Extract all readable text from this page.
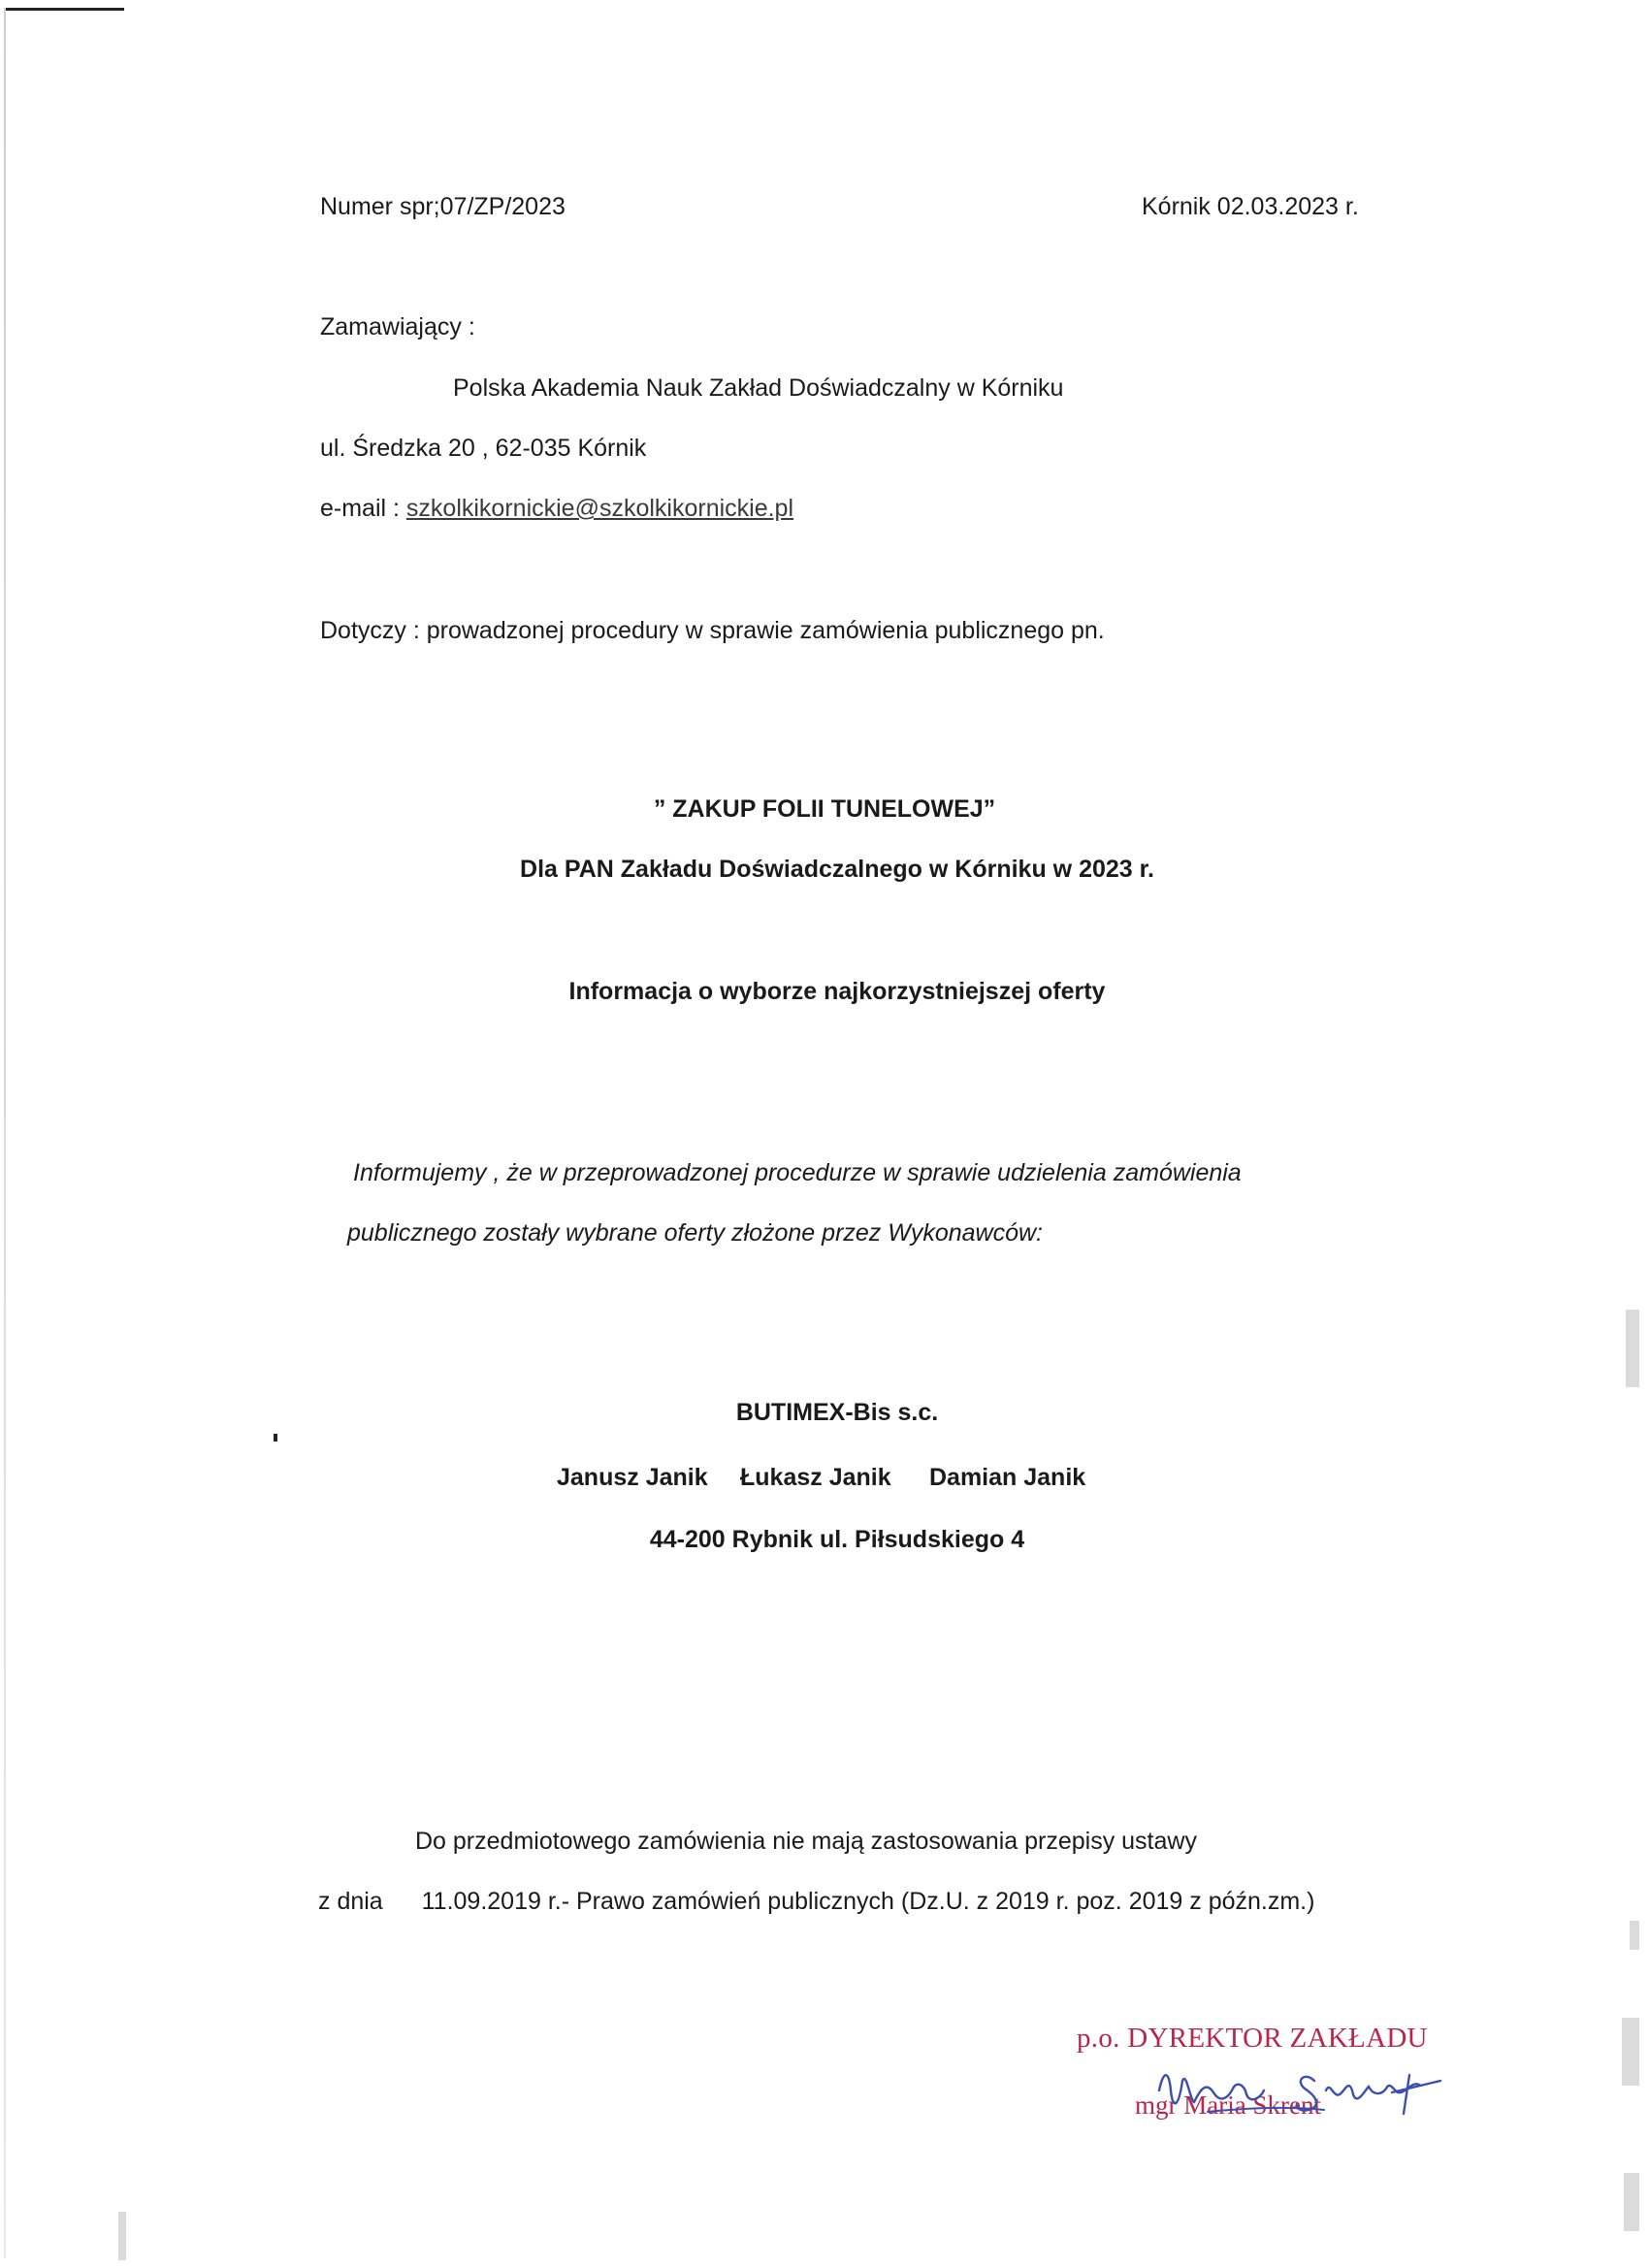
Numer spr;07/ZP/2023	Kórnik 02.03.2023 r.
Zamawiający :
Polska Akademia Nauk Zakład Doświadczalny w Kórniku
ul. Średzka 20 , 62-035 Kórnik
e-mail : szkolkikornickie@szkolkikornickie.pl
Dotyczy : prowadzonej procedury w sprawie zamówienia publicznego pn.
” ZAKUP FOLII TUNELOWEJ”
Dla PAN Zakładu Doświadczalnego w Kórniku w 2023 r.
Informacja o wyborze najkorzystniejszej oferty
Informujemy , że w przeprowadzonej procedurze w sprawie udzielenia zamówienia
publicznego zostały wybrane oferty złożone przez Wykonawców:
BUTIMEX-Bis s.c.
Janusz Janik Łukasz Janik Damian Janik
44-200 Rybnik ul. Piłsudskiego 4
Do przedmiotowego zamówienia nie mają zastosowania przepisy ustawy
z dnia 11.09.2019 r.- Prawo zamówień publicznych (Dz.U. z 2019 r. poz. 2019 z późn.zm.)
p.o. DYREKTOR ZAKŁADU
mgr Maria Skrent
